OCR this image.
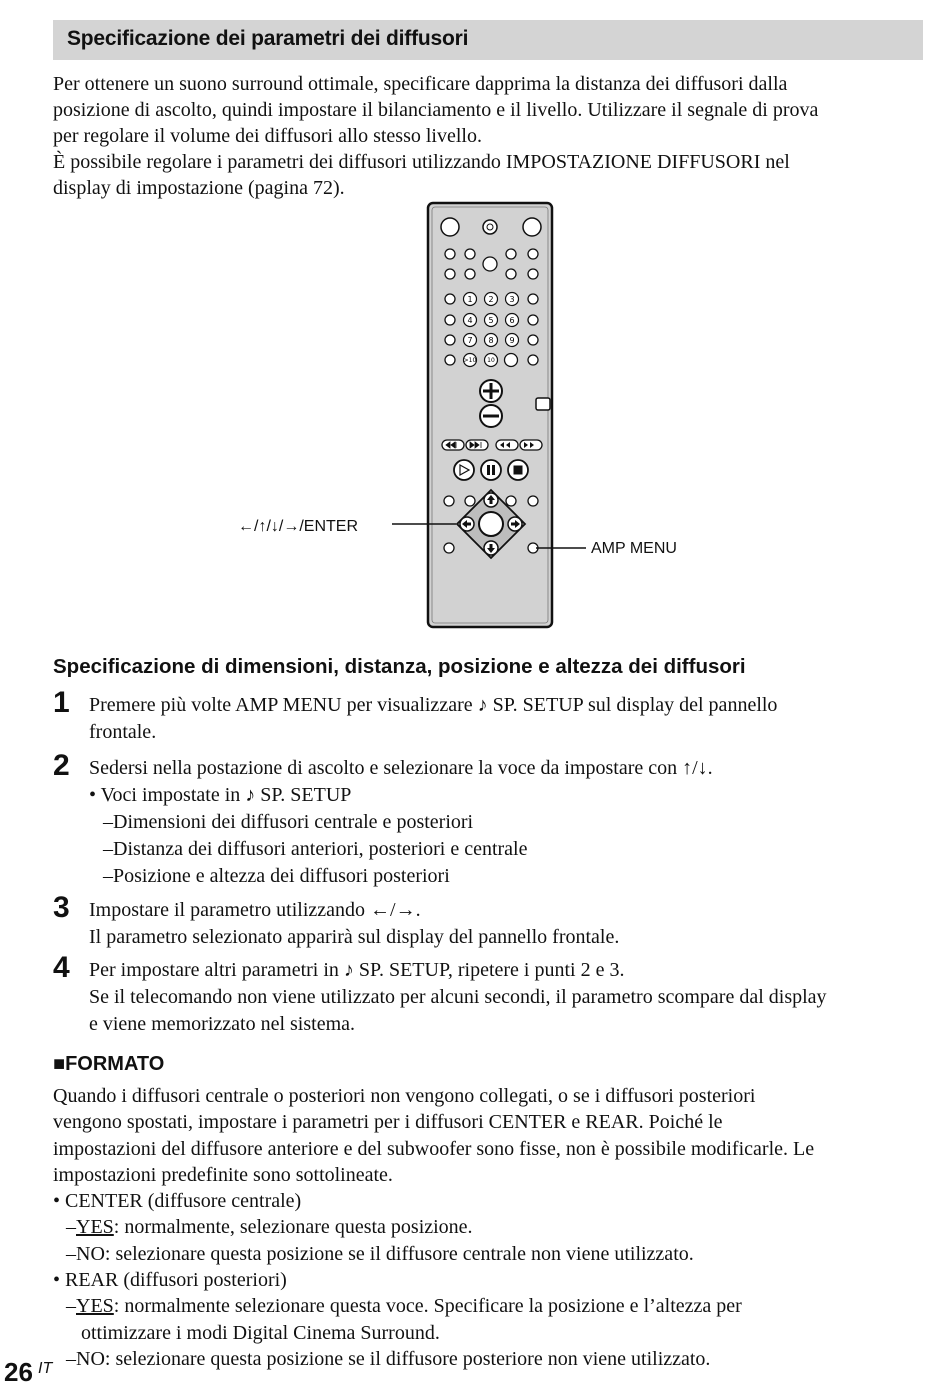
Specificazione dei parametri dei diffusori
Per ottenere un suono surround ottimale, specificare dapprima la distanza dei diffusori dalla
posizione di ascolto, quindi impostare il bilanciamento e il livello. Utilizzare il segnale di prova
per regolare il volume dei diffusori allo stesso livello.
È possibile regolare i parametri dei diffusori utilizzando IMPOSTAZIONE DIFFUSORI nel
display di impostazione (pagina 72).
1 2 3
4 5 6
7 8 9
>10 10
←/↑/↓/→/ENTER
AMP MENU
Specificazione di dimensioni, distanza, posizione e altezza dei diffusori
1 Premere più volte AMP MENU per visualizzare ♪ SP. SETUP sul display del pannello
frontale.
2 Sedersi nella postazione di ascolto e selezionare la voce da impostare con ↑/↓.
• Voci impostate in ♪ SP. SETUP
–Dimensioni dei diffusori centrale e posteriori
–Distanza dei diffusori anteriori, posteriori e centrale
–Posizione e altezza dei diffusori posteriori
3 Impostare il parametro utilizzando ←/→.
Il parametro selezionato apparirà sul display del pannello frontale.
4 Per impostare altri parametri in ♪ SP. SETUP, ripetere i punti 2 e 3.
Se il telecomando non viene utilizzato per alcuni secondi, il parametro scompare dal display
e viene memorizzato nel sistema.
■FORMATO
Quando i diffusori centrale o posteriori non vengono collegati, o se i diffusori posteriori
vengono spostati, impostare i parametri per i diffusori CENTER e REAR. Poiché le
impostazioni del diffusore anteriore e del subwoofer sono fisse, non è possibile modificarle. Le
impostazioni predefinite sono sottolineate.
• CENTER (diffusore centrale)
–YES: normalmente, selezionare questa posizione.
–NO: selezionare questa posizione se il diffusore centrale non viene utilizzato.
• REAR (diffusori posteriori)
–YES: normalmente selezionare questa voce. Specificare la posizione e l’altezza per
ottimizzare i modi Digital Cinema Surround.
–NO: selezionare questa posizione se il diffusore posteriore non viene utilizzato.
26 IT
